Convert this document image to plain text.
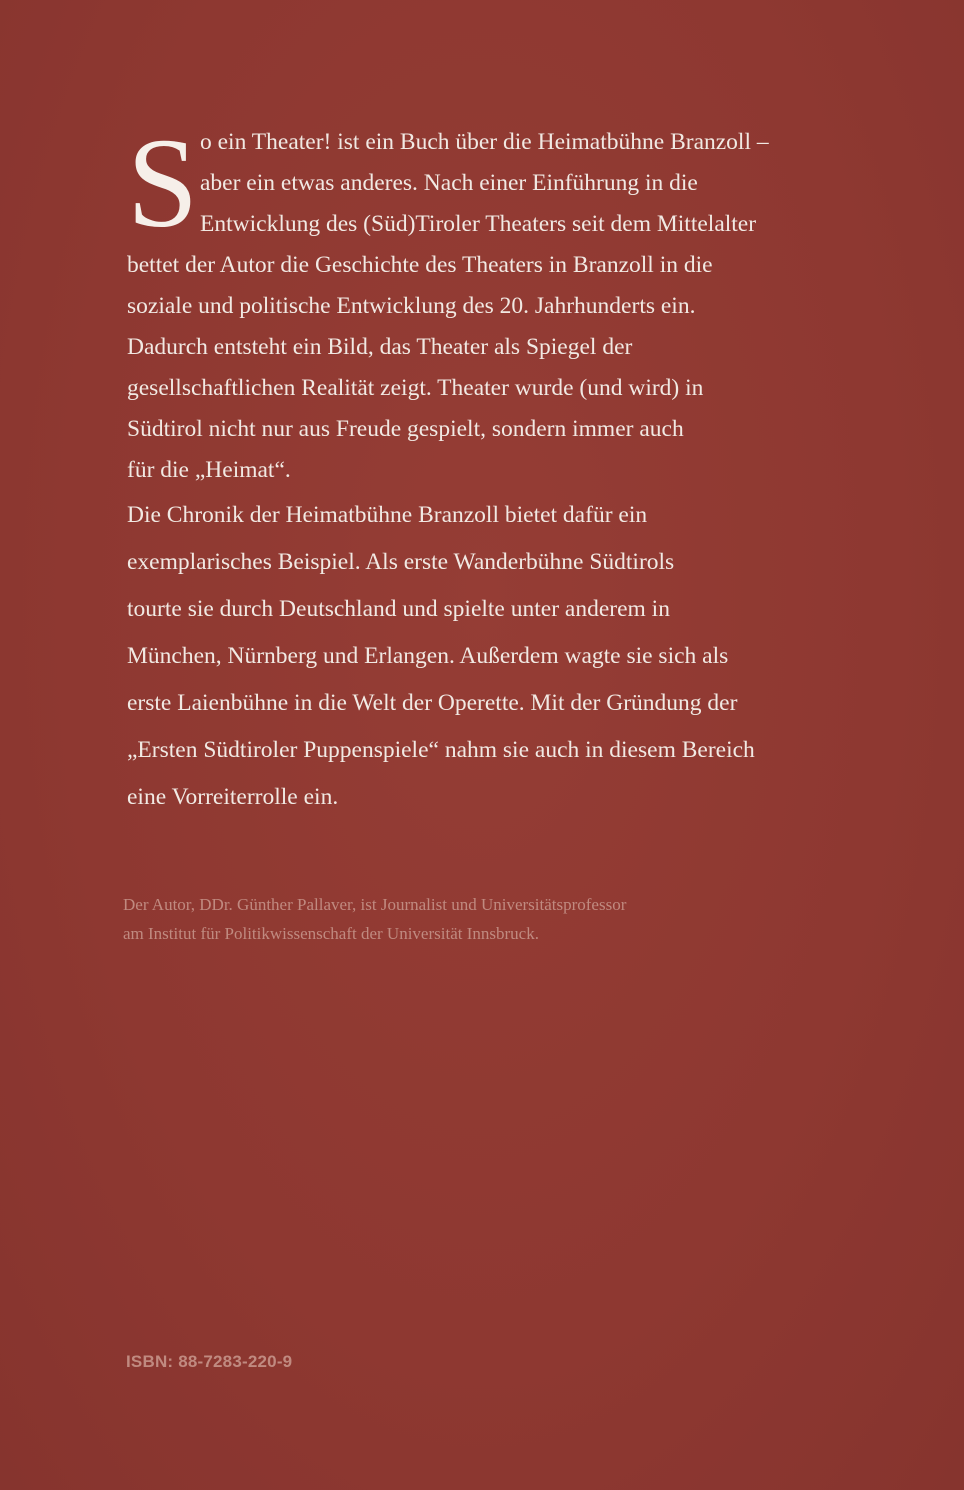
S o ein Theater! ist ein Buch über die Heimatbühne Branzoll –
aber ein etwas anderes. Nach einer Einführung in die
Entwicklung des (Süd)Tiroler Theaters seit dem Mittelalter
bettet der Autor die Geschichte des Theaters in Branzoll in die
soziale und politische Entwicklung des 20. Jahrhunderts ein.
Dadurch entsteht ein Bild, das Theater als Spiegel der
gesellschaftlichen Realität zeigt. Theater wurde (und wird) in
Südtirol nicht nur aus Freude gespielt, sondern immer auch
für die „Heimat“.
Die Chronik der Heimatbühne Branzoll bietet dafür ein
exemplarisches Beispiel. Als erste Wanderbühne Südtirols
tourte sie durch Deutschland und spielte unter anderem in
München, Nürnberg und Erlangen. Außerdem wagte sie sich als
erste Laienbühne in die Welt der Operette. Mit der Gründung der
„Ersten Südtiroler Puppenspiele“ nahm sie auch in diesem Bereich
eine Vorreiterrolle ein.
Der Autor, DDr. Günther Pallaver, ist Journalist und Universitätsprofessor
am Institut für Politikwissenschaft der Universität Innsbruck.
ISBN: 88-7283-220-9
